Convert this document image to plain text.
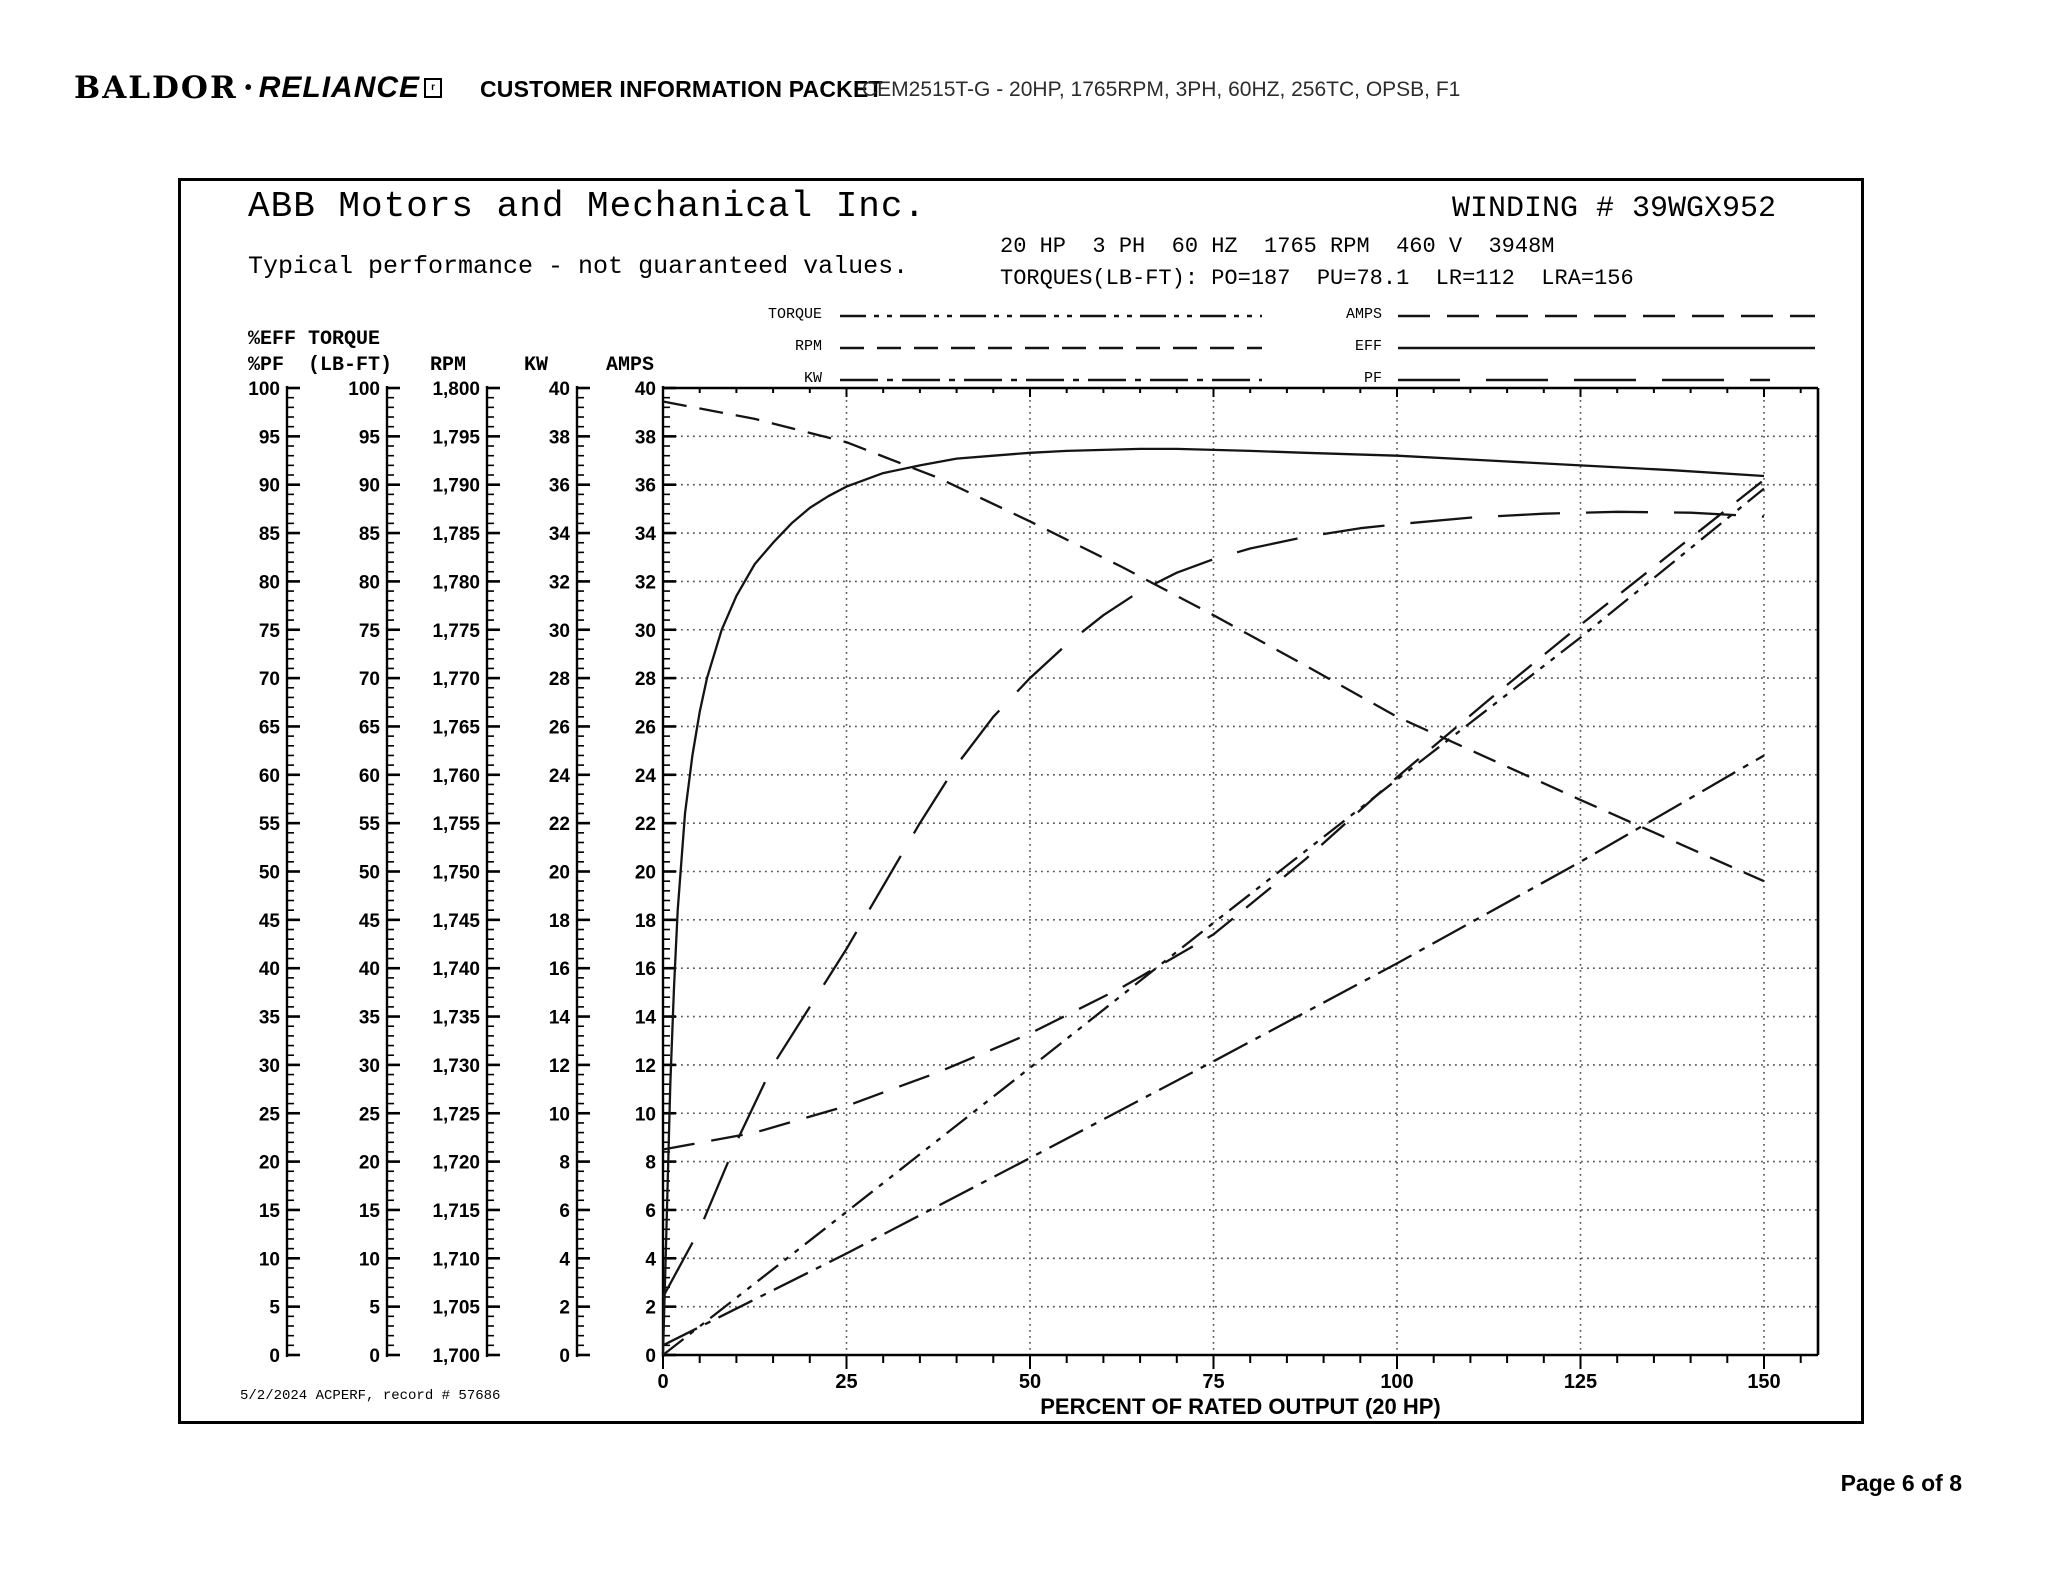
BALDOR • RELIANCE	r	CUSTOMER INFORMATION PACKET
CEM2515T-G - 20HP, 1765RPM, 3PH, 60HZ, 256TC, OPSB, F1
ABB Motors and Mechanical Inc.	WINDING # 39WGX952
Typical performance - not guaranteed values.
20 HP  3 PH  60 HZ  1765 RPM  460 V  3948M
TORQUES(LB-FT): PO=187  PU=78.1  LR=112  LRA=156
TORQUE
RPM
KW
AMPS
EFF
PF
0	25	50	75	100	125	150
100
95
90
85
80
75
70
65
60
55
50
45
40
35
30
25
20
15
10
5
0
%EFF
%PF
100
95
90
85
80
75
70
65
60
55
50
45
40
35
30
25
20
15
10
5
0
TORQUE
(LB-FT)
1,800
1,795
1,790
1,785
1,780
1,775
1,770
1,765
1,760
1,755
1,750
1,745
1,740
1,735
1,730
1,725
1,720
1,715
1,710
1,705
1,700
RPM
40
38
36
34
32
30
28
26
24
22
20
18
16
14
12
10
8
6
4
2
0
KW
40
38
36
34
32
30
28
26
24
22
20
18
16
14
12
10
8
6
4
2
0
AMPS
PERCENT OF RATED OUTPUT (20 HP)
5/2/2024 ACPERF, record # 57686
Page 6 of 8
